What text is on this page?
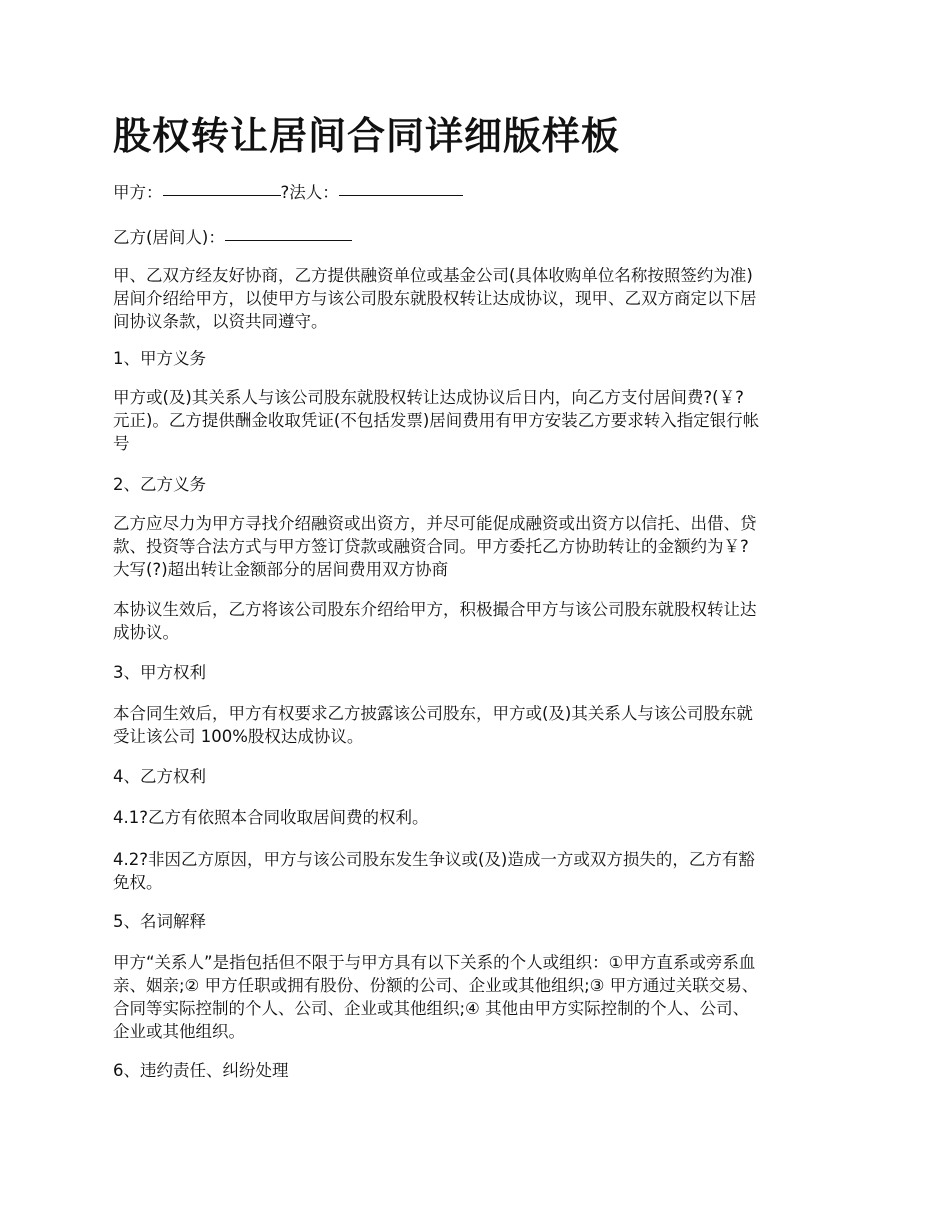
股权转让居间合同详细版样板
甲方：	?法人：
乙方(居间人)：
甲、乙双方经友好协商，乙方提供融资单位或基金公司(具体收购单位名称按照签约为准)
居间介绍给甲方，以使甲方与该公司股东就股权转让达成协议，现甲、乙双方商定以下居
间协议条款，以资共同遵守。
1、甲方义务
甲方或(及)其关系人与该公司股东就股权转让达成协议后日内，向乙方支付居间费?(￥?
元正)。乙方提供酬金收取凭证(不包括发票)居间费用有甲方安装乙方要求转入指定银行帐
号
2、乙方义务
乙方应尽力为甲方寻找介绍融资或出资方，并尽可能促成融资或出资方以信托、出借、贷
款、投资等合法方式与甲方签订贷款或融资合同。甲方委托乙方协助转让的金额约为￥?
大写(?)超出转让金额部分的居间费用双方协商
本协议生效后，乙方将该公司股东介绍给甲方，积极撮合甲方与该公司股东就股权转让达
成协议。
3、甲方权利
本合同生效后，甲方有权要求乙方披露该公司股东，甲方或(及)其关系人与该公司股东就
受让该公司 100%股权达成协议。
4、乙方权利
4.1?乙方有依照本合同收取居间费的权利。
4.2?非因乙方原因，甲方与该公司股东发生争议或(及)造成一方或双方损失的，乙方有豁
免权。
5、名词解释
甲方“关系人”是指包括但不限于与甲方具有以下关系的个人或组织：①甲方直系或旁系血
亲、姻亲;② 甲方任职或拥有股份、份额的公司、企业或其他组织;③ 甲方通过关联交易、
合同等实际控制的个人、公司、企业或其他组织;④ 其他由甲方实际控制的个人、公司、
企业或其他组织。
6、违约责任、纠纷处理
